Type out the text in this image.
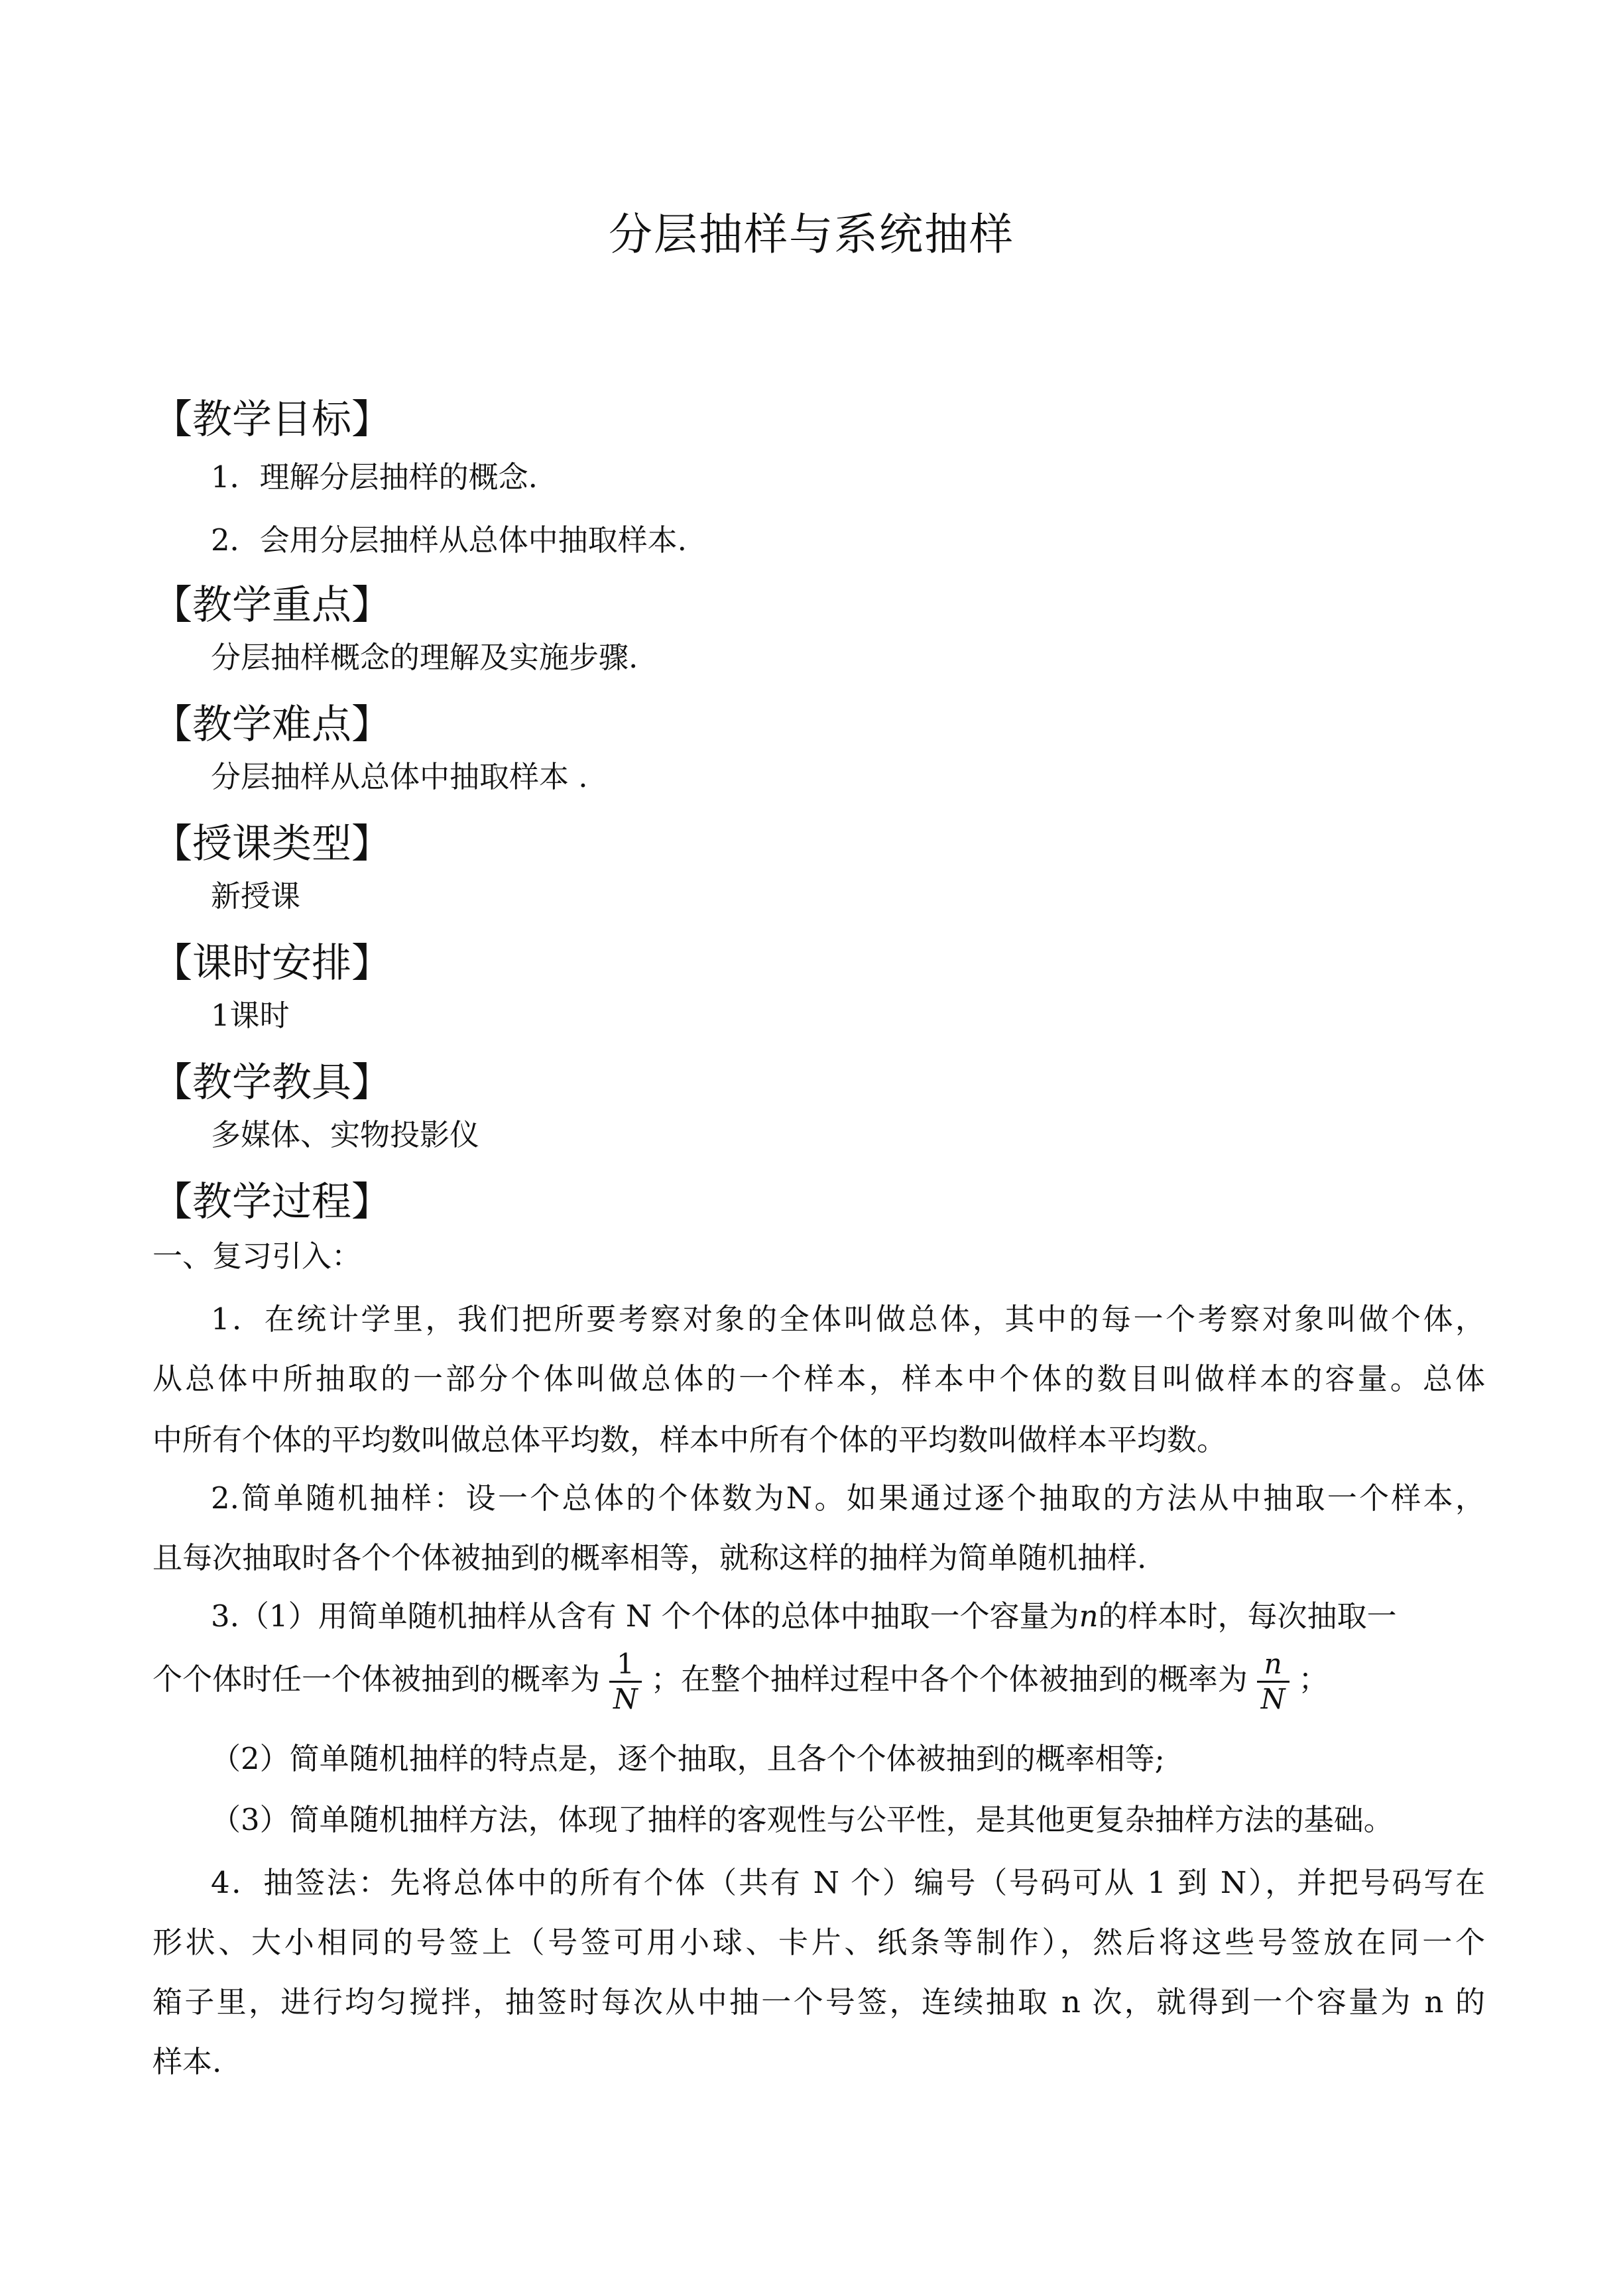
分层抽样与系统抽样
【教学目标】
1．理解分层抽样的概念.
2．会用分层抽样从总体中抽取样本.
【教学重点】
分层抽样概念的理解及实施步骤.
【教学难点】
分层抽样从总体中抽取样本 .
【授课类型】
新授课
【课时安排】
1课时
【教学教具】
多媒体、实物投影仪
【教学过程】
一、复习引入：
1．在统计学里，我们把所要考察对象的全体叫做总体，其中的每一个考察对象叫做个体，
从总体中所抽取的一部分个体叫做总体的一个样本，样本中个体的数目叫做样本的容量。总体
中所有个体的平均数叫做总体平均数，样本中所有个体的平均数叫做样本平均数。
2.简单随机抽样：设一个总体的个体数为N。如果通过逐个抽取的方法从中抽取一个样本，
且每次抽取时各个个体被抽到的概率相等，就称这样的抽样为简单随机抽样.
3.（1）用简单随机抽样从含有 N 个个体的总体中抽取一个容量为n的样本时，每次抽取一
个个体时任一个体被抽到的概率为 $\frac{1}{N}$ ；在整个抽样过程中各个个体被抽到的概率为 $\frac{n}{N}$ ；
（2）简单随机抽样的特点是，逐个抽取，且各个个体被抽到的概率相等;
（3）简单随机抽样方法，体现了抽样的客观性与公平性，是其他更复杂抽样方法的基础。
4．抽签法：先将总体中的所有个体（共有 N 个）编号（号码可从 1 到 N），并把号码写在
形状、大小相同的号签上（号签可用小球、卡片、纸条等制作），然后将这些号签放在同一个
箱子里，进行均匀搅拌，抽签时每次从中抽一个号签，连续抽取 n 次，就得到一个容量为 n 的
样本.
